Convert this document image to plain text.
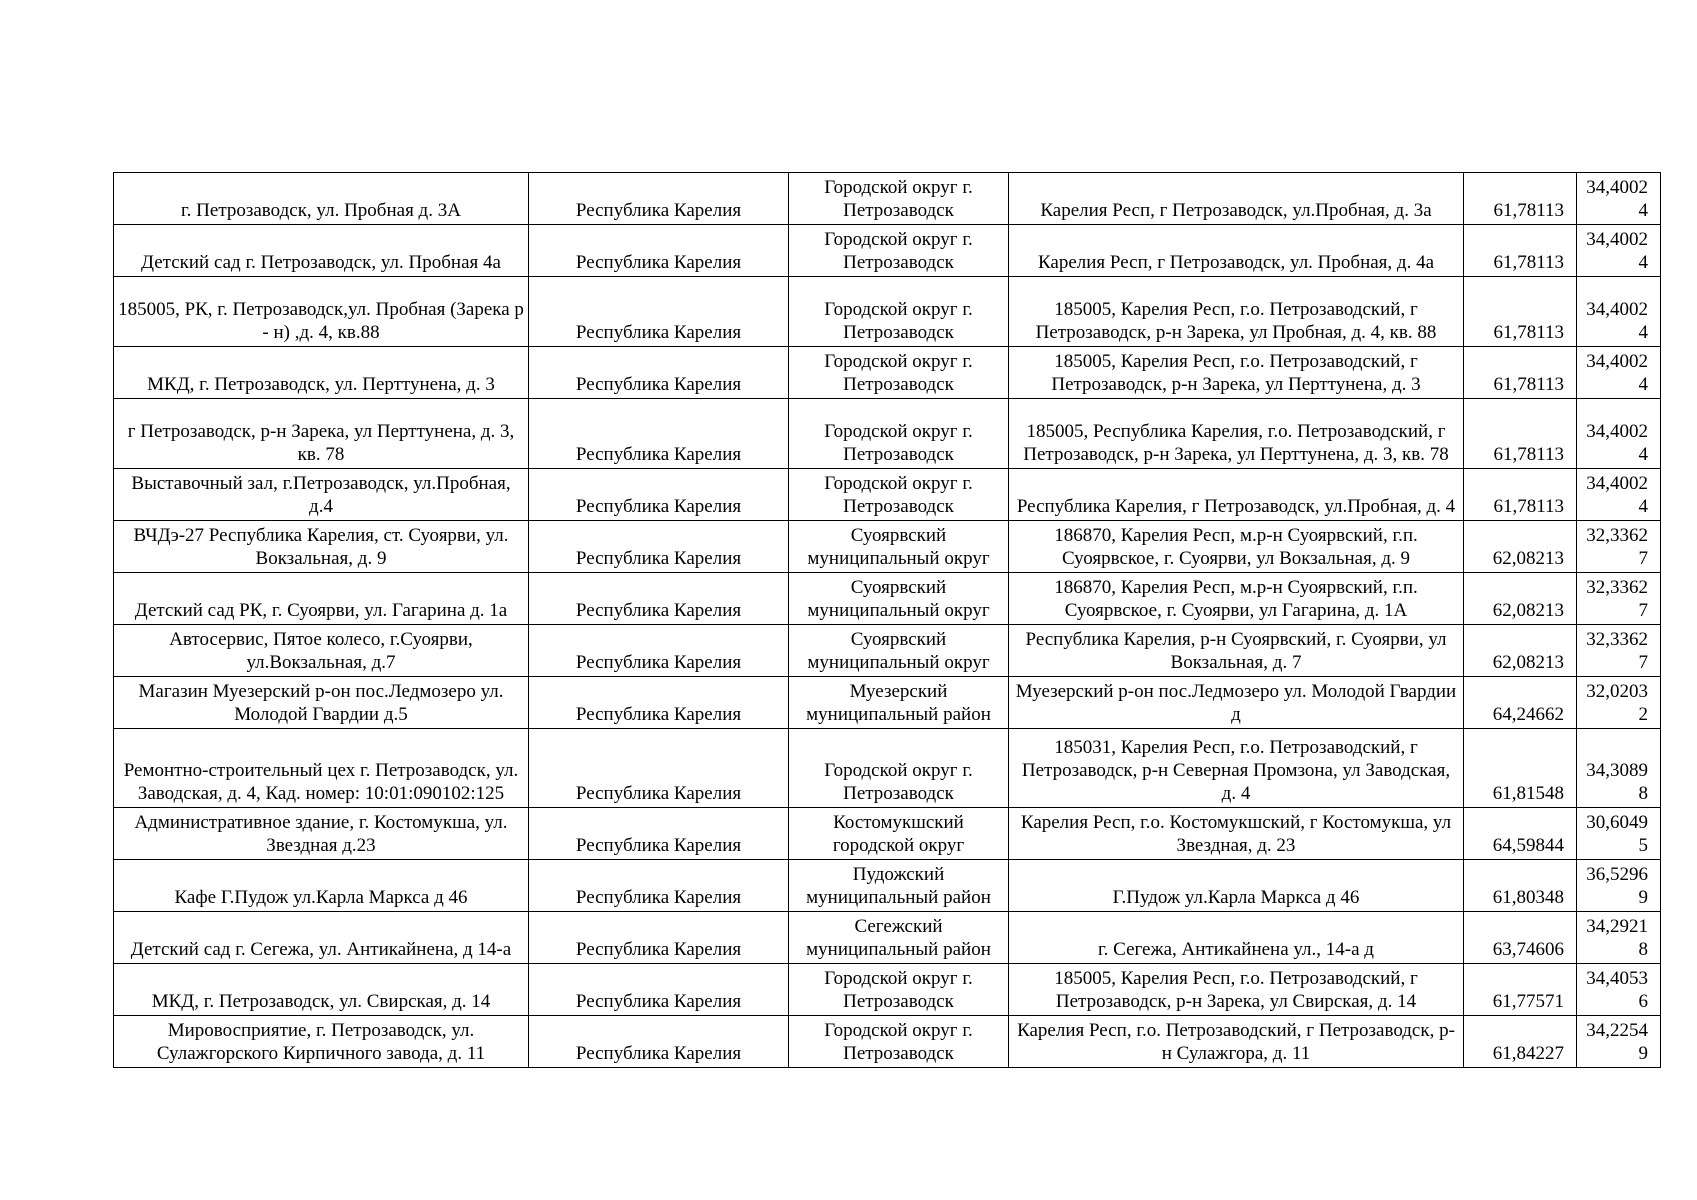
г. Петрозаводск, ул. Пробная д. 3А	Республика Карелия	Городской округ г. Петрозаводск	Карелия Респ, г Петрозаводск, ул.Пробная, д. 3а	61,78113	34,40024
Детский сад г. Петрозаводск, ул. Пробная 4а	Республика Карелия	Городской округ г. Петрозаводск	Карелия Респ, г Петрозаводск, ул. Пробная, д. 4а	61,78113	34,40024
185005, РК, г. Петрозаводск,ул. Пробная (Зарека р - н) ,д. 4, кв.88	Республика Карелия	Городской округ г. Петрозаводск	185005, Карелия Респ, г.о. Петрозаводский, г Петрозаводск, р-н Зарека, ул Пробная, д. 4, кв. 88	61,78113	34,40024
МКД, г. Петрозаводск, ул. Перттунена, д. 3	Республика Карелия	Городской округ г. Петрозаводск	185005, Карелия Респ, г.о. Петрозаводский, г Петрозаводск, р-н Зарека, ул Перттунена, д. 3	61,78113	34,40024
г Петрозаводск, р-н Зарека, ул Перттунена, д. 3, кв. 78	Республика Карелия	Городской округ г. Петрозаводск	185005, Республика Карелия, г.о. Петрозаводский, г Петрозаводск, р-н Зарека, ул Перттунена, д. 3, кв. 78	61,78113	34,40024
Выставочный зал, г.Петрозаводск, ул.Пробная, д.4	Республика Карелия	Городской округ г. Петрозаводск	Республика Карелия, г Петрозаводск, ул.Пробная, д. 4	61,78113	34,40024
ВЧДэ-27 Республика Карелия, ст. Суоярви, ул. Вокзальная, д. 9	Республика Карелия	Суоярвский муниципальный округ	186870, Карелия Респ, м.р-н Суоярвский, г.п. Суоярвское, г. Суоярви, ул Вокзальная, д. 9	62,08213	32,33627
Детский сад РК, г. Суоярви, ул. Гагарина д. 1а	Республика Карелия	Суоярвский муниципальный округ	186870, Карелия Респ, м.р-н Суоярвский, г.п. Суоярвское, г. Суоярви, ул Гагарина, д. 1А	62,08213	32,33627
Автосервис, Пятое колесо, г.Суоярви, ул.Вокзальная, д.7	Республика Карелия	Суоярвский муниципальный округ	Республика Карелия, р-н Суоярвский, г. Суоярви, ул Вокзальная, д. 7	62,08213	32,33627
Магазин Муезерский р-он пос.Ледмозеро ул. Молодой Гвардии д.5	Республика Карелия	Муезерский муниципальный район	Муезерский р-он пос.Ледмозеро ул. Молодой Гвардии д	64,24662	32,02032
Ремонтно-строительный цех г. Петрозаводск, ул. Заводская, д. 4, Кад. номер: 10:01:090102:125	Республика Карелия	Городской округ г. Петрозаводск	185031, Карелия Респ, г.о. Петрозаводский, г Петрозаводск, р-н Северная Промзона, ул Заводская, д. 4	61,81548	34,30898
Административное здание, г. Костомукша, ул. Звездная д.23	Республика Карелия	Костомукшский городской округ	Карелия Респ, г.о. Костомукшский, г Костомукша, ул Звездная, д. 23	64,59844	30,60495
Кафе Г.Пудож ул.Карла Маркса д 46	Республика Карелия	Пудожский муниципальный район	Г.Пудож ул.Карла Маркса д 46	61,80348	36,52969
Детский сад г. Сегежа, ул. Антикайнена, д 14-а	Республика Карелия	Сегежский муниципальный район	г. Сегежа, Антикайнена ул., 14-а д	63,74606	34,29218
МКД, г. Петрозаводск, ул. Свирская, д. 14	Республика Карелия	Городской округ г. Петрозаводск	185005, Карелия Респ, г.о. Петрозаводский, г Петрозаводск, р-н Зарека, ул Свирская, д. 14	61,77571	34,40536
Мировосприятие, г. Петрозаводск, ул. Сулажгорского Кирпичного завода, д. 11	Республика Карелия	Городской округ г. Петрозаводск	Карелия Респ, г.о. Петрозаводский, г Петрозаводск, р-н Сулажгора, д. 11	61,84227	34,22549
